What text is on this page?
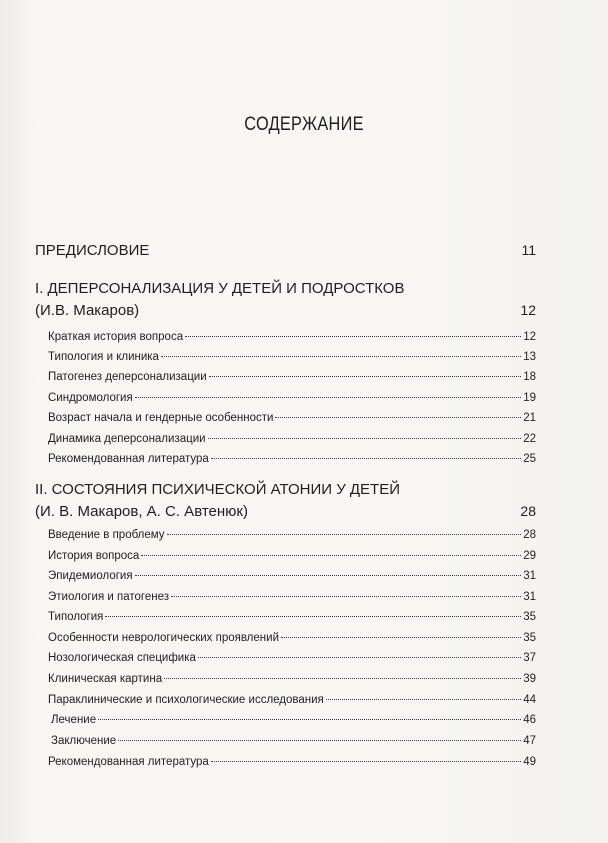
СОДЕРЖАНИЕ
ПРЕДИСЛОВИЕ	11
I. ДЕПЕРСОНАЛИЗАЦИЯ У ДЕТЕЙ И ПОДРОСТКОВ
(И.В. Макаров)	12
Краткая история вопроса	12
Типология и клиника	13
Патогенез деперсонализации	18
Синдромология	19
Возраст начала и гендерные особенности	21
Динамика деперсонализации	22
Рекомендованная литература	25
II. СОСТОЯНИЯ ПСИХИЧЕСКОЙ АТОНИИ У ДЕТЕЙ
(И. В. Макаров, А. С. Автенюк)	28
Введение в проблему	28
История вопроса	29
Эпидемиология	31
Этиология и патогенез	31
Типология	35
Особенности неврологических проявлений	35
Нозологическая специфика	37
Клиническая картина	39
Параклинические и психологические исследования	44
Лечение	46
Заключение	47
Рекомендованная литература	49
